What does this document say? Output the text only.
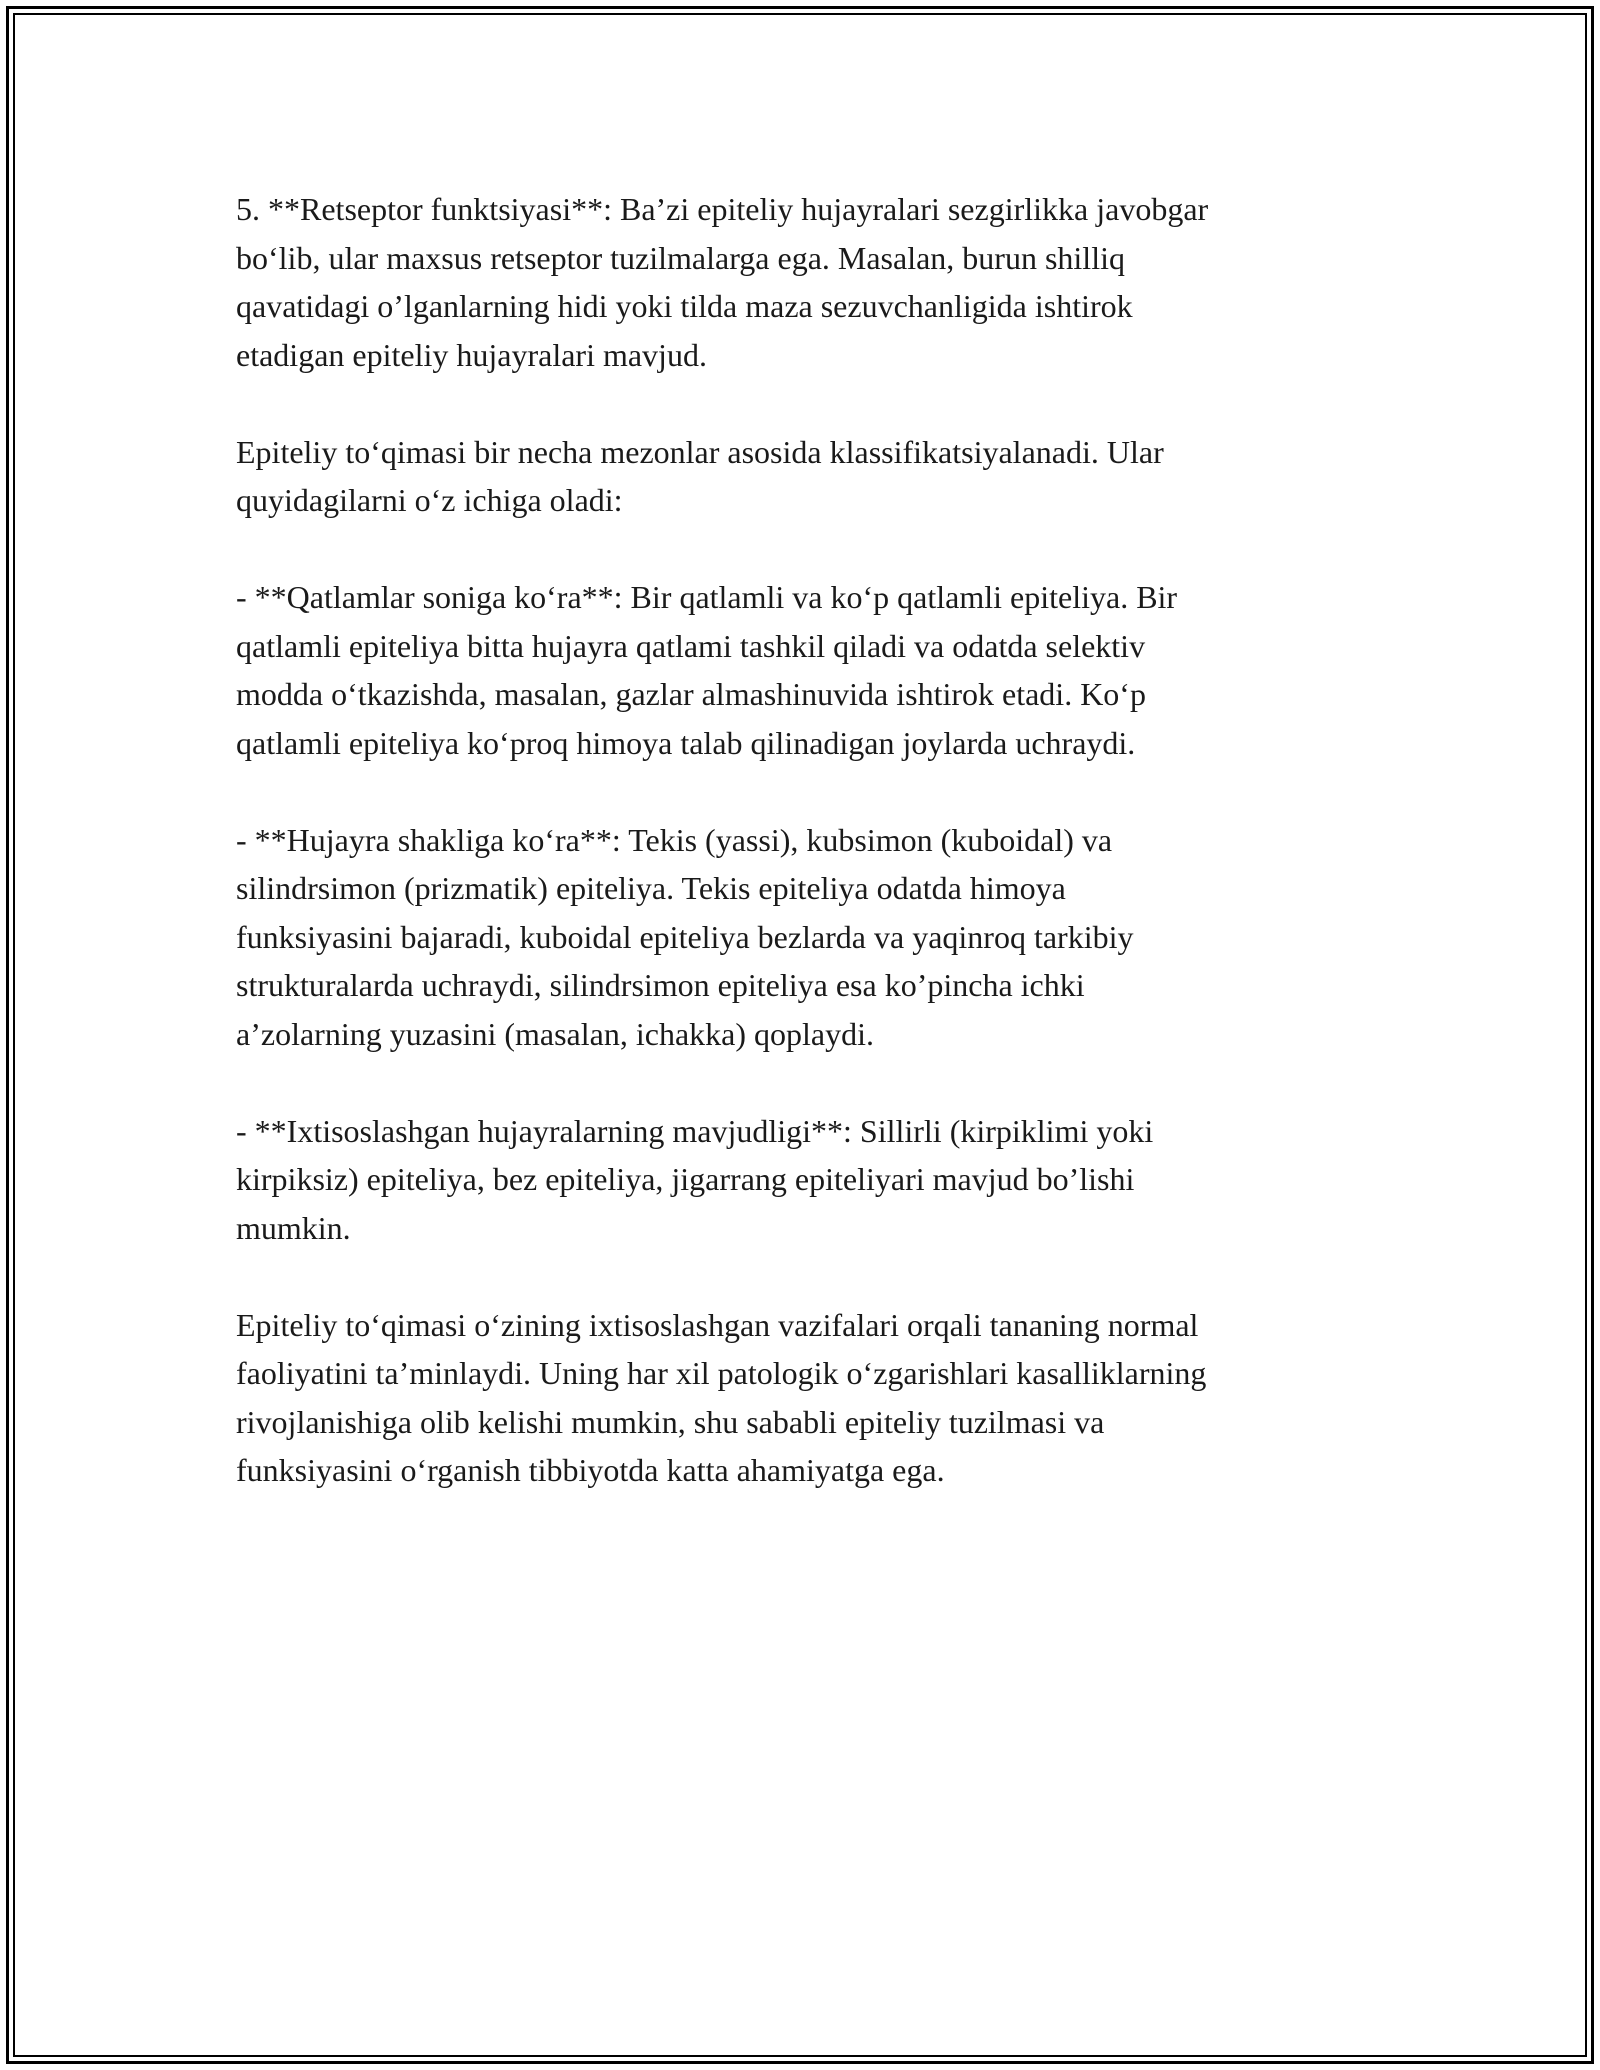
5. **Retseptor funktsiyasi**: Ba’zi epiteliy hujayralari sezgirlikka javobgar
bo‘lib, ular maxsus retseptor tuzilmalarga ega. Masalan, burun shilliq
qavatidagi o’lganlarning hidi yoki tilda maza sezuvchanligida ishtirok
etadigan epiteliy hujayralari mavjud.

Epiteliy to‘qimasi bir necha mezonlar asosida klassifikatsiyalanadi. Ular
quyidagilarni o‘z ichiga oladi:

- **Qatlamlar soniga ko‘ra**: Bir qatlamli va ko‘p qatlamli epiteliya. Bir
qatlamli epiteliya bitta hujayra qatlami tashkil qiladi va odatda selektiv
modda o‘tkazishda, masalan, gazlar almashinuvida ishtirok etadi. Ko‘p
qatlamli epiteliya ko‘proq himoya talab qilinadigan joylarda uchraydi.

- **Hujayra shakliga ko‘ra**: Tekis (yassi), kubsimon (kuboidal) va
silindrsimon (prizmatik) epiteliya. Tekis epiteliya odatda himoya
funksiyasini bajaradi, kuboidal epiteliya bezlarda va yaqinroq tarkibiy
strukturalarda uchraydi, silindrsimon epiteliya esa ko’pincha ichki
a’zolarning yuzasini (masalan, ichakka) qoplaydi.

- **Ixtisoslashgan hujayralarning mavjudligi**: Sillirli (kirpiklimi yoki
kirpiksiz) epiteliya, bez epiteliya, jigarrang epiteliyari mavjud bo’lishi
mumkin.

Epiteliy to‘qimasi o‘zining ixtisoslashgan vazifalari orqali tananing normal
faoliyatini ta’minlaydi. Uning har xil patologik o‘zgarishlari kasalliklarning
rivojlanishiga olib kelishi mumkin, shu sababli epiteliy tuzilmasi va
funksiyasini o‘rganish tibbiyotda katta ahamiyatga ega.
